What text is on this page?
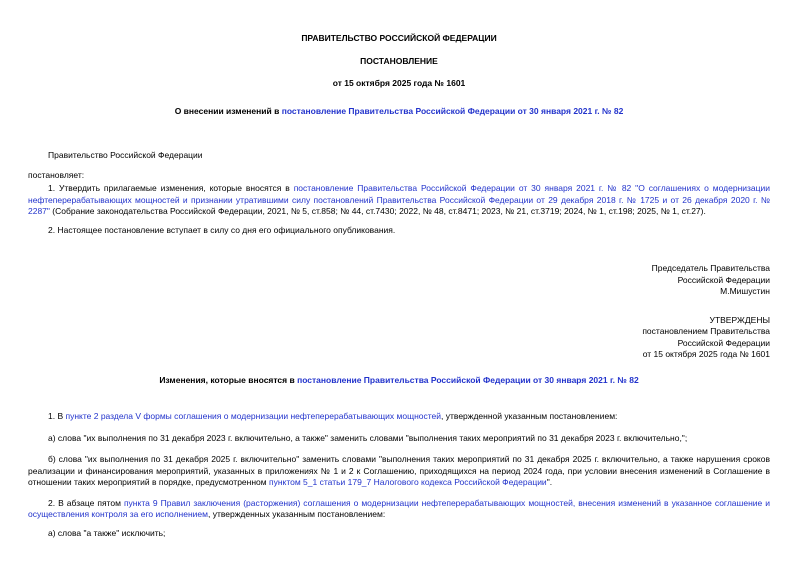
ПРАВИТЕЛЬСТВО РОССИЙСКОЙ ФЕДЕРАЦИИ
ПОСТАНОВЛЕНИЕ
от 15 октября 2025 года № 1601
О внесении изменений в постановление Правительства Российской Федерации от 30 января 2021 г. № 82
Правительство Российской Федерации
постановляет:
1. Утвердить прилагаемые изменения, которые вносятся в постановление Правительства Российской Федерации от 30 января 2021 г. № 82 "О соглашениях о модернизации нефтеперерабатывающих мощностей и признании утратившими силу постановлений Правительства Российской Федерации от 29 декабря 2018 г. № 1725 и от 26 декабря 2020 г. № 2287" (Собрание законодательства Российской Федерации, 2021, № 5, ст.858; № 44, ст.7430; 2022, № 48, ст.8471; 2023, № 21, ст.3719; 2024, № 1, ст.198; 2025, № 1, ст.27).
2. Настоящее постановление вступает в силу со дня его официального опубликования.
Председатель Правительства
Российской Федерации
М.Мишустин
УТВЕРЖДЕНЫ
постановлением Правительства
Российской Федерации
от 15 октября 2025 года № 1601
Изменения, которые вносятся в постановление Правительства Российской Федерации от 30 января 2021 г. № 82
1. В пункте 2 раздела V формы соглашения о модернизации нефтеперерабатывающих мощностей, утвержденной указанным постановлением:
а) слова "их выполнения по 31 декабря 2023 г. включительно, а также" заменить словами "выполнения таких мероприятий по 31 декабря 2023 г. включительно,";
б) слова "их выполнения по 31 декабря 2025 г. включительно" заменить словами "выполнения таких мероприятий по 31 декабря 2025 г. включительно, а также нарушения сроков реализации и финансирования мероприятий, указанных в приложениях № 1 и 2 к Соглашению, приходящихся на период 2024 года, при условии внесения изменений в Соглашение в отношении таких мероприятий в порядке, предусмотренном пунктом 5_1 статьи 179_7 Налогового кодекса Российской Федерации".
2. В абзаце пятом пункта 9 Правил заключения (расторжения) соглашения о модернизации нефтеперерабатывающих мощностей, внесения изменений в указанное соглашение и осуществления контроля за его исполнением, утвержденных указанным постановлением:
а) слова "а также" исключить;
